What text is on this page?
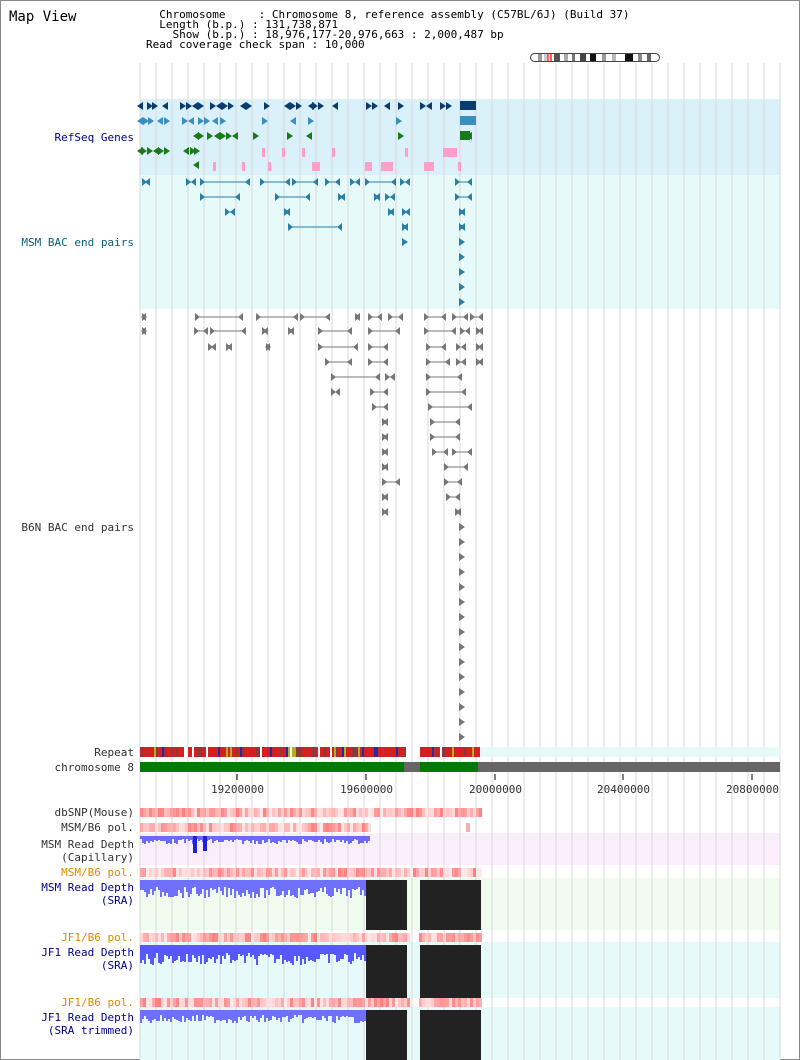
Map View	Chromosome     : Chromosome 8, reference assembly (C57BL/6J) (Build 37)
Length (b.p.) : 131,738,871
Show (b.p.) : 18,976,177-20,976,663 : 2,000,487 bp
Read coverage check span : 10,000
19200000	19600000	20000000	20400000	20800000
RefSeq Genes
MSM BAC end pairs
B6N BAC end pairs
Repeat
chromosome 8
dbSNP(Mouse)
MSM/B6 pol.
MSM Read Depth
(Capillary)
MSM/B6 pol.
MSM Read Depth
(SRA)
JF1/B6 pol.
JF1 Read Depth
(SRA)
JF1/B6 pol.
JF1 Read Depth
(SRA trimmed)
